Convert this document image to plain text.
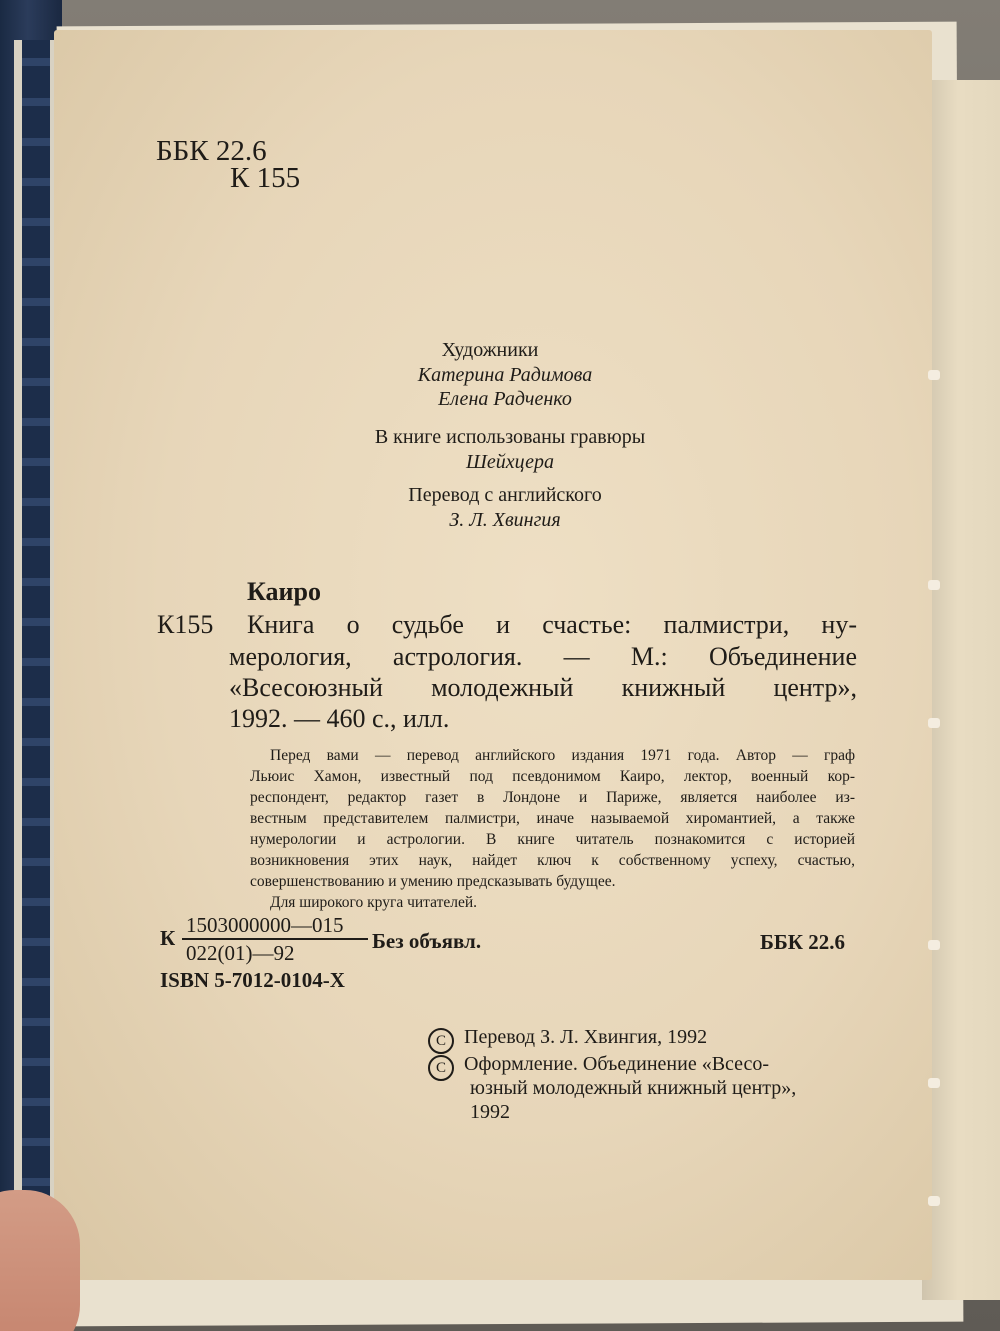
ББК 22.6
К 155
Художники
Катерина Радимова
Елена Радченко
В книге использованы гравюры
Шейхцера
Перевод с английского
З. Л. Хвингия
Каиро
К155 Книга о судьбе и счастье: палмистри, ну-
мерология, астрология. — М.: Объединение
«Всесоюзный молодежный книжный центр»,
1992. — 460 с., илл.
Перед вами — перевод английского издания 1971 года. Автор — граф
Льюис Хамон, известный под псевдонимом Каиро, лектор, военный кор-
респондент, редактор газет в Лондоне и Париже, является наиболее из-
вестным представителем палмистри, иначе называемой хиромантией, а также
нумерологии и астрологии. В книге читатель познакомится с историей
возникновения этих наук, найдет ключ к собственному успеху, счастью,
совершенствованию и умению предсказывать будущее.
Для широкого круга читателей.
К
1503000000—015
022(01)—92	Без объявл.
ISBN 5-7012-0104-X
ББК 22.6
C Перевод З. Л. Хвингия, 1992
C Оформление. Объединение «Всесо-
юзный молодежный книжный центр»,
1992
